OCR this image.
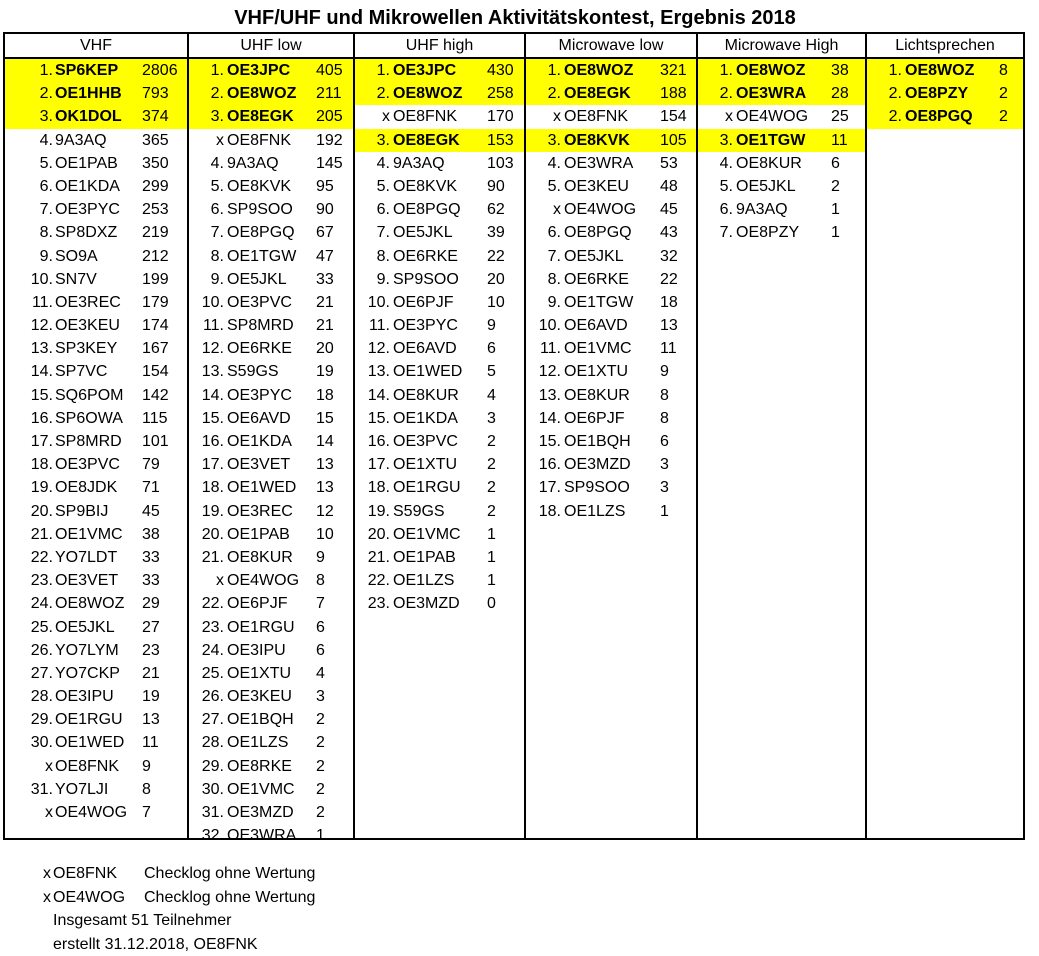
VHF/UHF und Mikrowellen Aktivitätskontest, Ergebnis 2018
VHF
1. SP6KEP 2806
2. OE1HHB 793
3. OK1DOL 374
4. 9A3AQ 365
5. OE1PAB 350
6. OE1KDA 299
7. OE3PYC 253
8. SP8DXZ 219
9. SO9A	212
10. SN7V	199
11. OE3REC 179
12. OE3KEU 174
13. SP3KEY 167
14. SP7VC 154
15. SQ6POM 142
16. SP6OWA 115
17. SP8MRD 101
18. OE3PVC 79
19. OE8JDK 71
20. SP9BIJ 45
21. OE1VMC 38
22. YO7LDT 33
23. OE3VET 33
24. OE8WOZ 29
25. OE5JKL 27
26. YO7LYM 23
27. YO7CKP 21
28. OE3IPU 19
29. OE1RGU 13
30. OE1WED 11
x OE8FNK 9
31. YO7LJI 8
x OE4WOG 7
UHF low
1. OE3JPC 405
2. OE8WOZ 211
3. OE8EGK 205
x OE8FNK 192
4. 9A3AQ 145
5. OE8KVK 95
6. SP9SOO 90
7. OE8PGQ 67
8. OE1TGW 47
9. OE5JKL 33
10. OE3PVC 21
11. SP8MRD 21
12. OE6RKE 20
13. S59GS 19
14. OE3PYC 18
15. OE6AVD 15
16. OE1KDA 14
17. OE3VET 13
18. OE1WED 13
19. OE3REC 12
20. OE1PAB 10
21. OE8KUR 9
x OE4WOG 8
22. OE6PJF 7
23. OE1RGU 6
24. OE3IPU 6
25. OE1XTU 4
26. OE3KEU 3
27. OE1BQH 2
28. OE1LZS 2
29. OE8RKE 2
30. OE1VMC 2
31. OE3MZD 2
32. OE3WRA 1
UHF high
1. OE3JPC 430
2. OE8WOZ 258
x OE8FNK 170
3. OE8EGK 153
4. 9A3AQ	103
5. OE8KVK 90
6. OE8PGQ 62
7. OE5JKL 39
8. OE6RKE 22
9. SP9SOO 20
10. OE6PJF 10
11. OE3PYC 9
12. OE6AVD 6
13. OE1WED 5
14. OE8KUR 4
15. OE1KDA 3
16. OE3PVC 2
17. OE1XTU 2
18. OE1RGU 2
19. S59GS	2
20. OE1VMC 1
21. OE1PAB 1
22. OE1LZS 1
23. OE3MZD 0
Microwave low
1. OE8WOZ 321
2. OE8EGK 188
x OE8FNK 154
3. OE8KVK 105
4. OE3WRA 53
5. OE3KEU 48
x OE4WOG 45
6. OE8PGQ 43
7. OE5JKL 32
8. OE6RKE 22
9. OE1TGW 18
10. OE6AVD 13
11. OE1VMC 11
12. OE1XTU 9
13. OE8KUR 8
14. OE6PJF 8
15. OE1BQH 6
16. OE3MZD 3
17. SP9SOO 3
18. OE1LZS 1
Microwave High
1. OE8WOZ 38
2. OE3WRA 28
x OE4WOG 25
3. OE1TGW 11
4. OE8KUR 6
5. OE5JKL 2
6. 9A3AQ	1
7. OE8PZY 1
Lichtsprechen
1. OE8WOZ 8
2. OE8PZY 2
2. OE8PGQ 2
x OE8FNK Checklog ohne Wertung
x OE4WOG Checklog ohne Wertung
Insgesamt 51 Teilnehmer
erstellt 31.12.2018, OE8FNK
